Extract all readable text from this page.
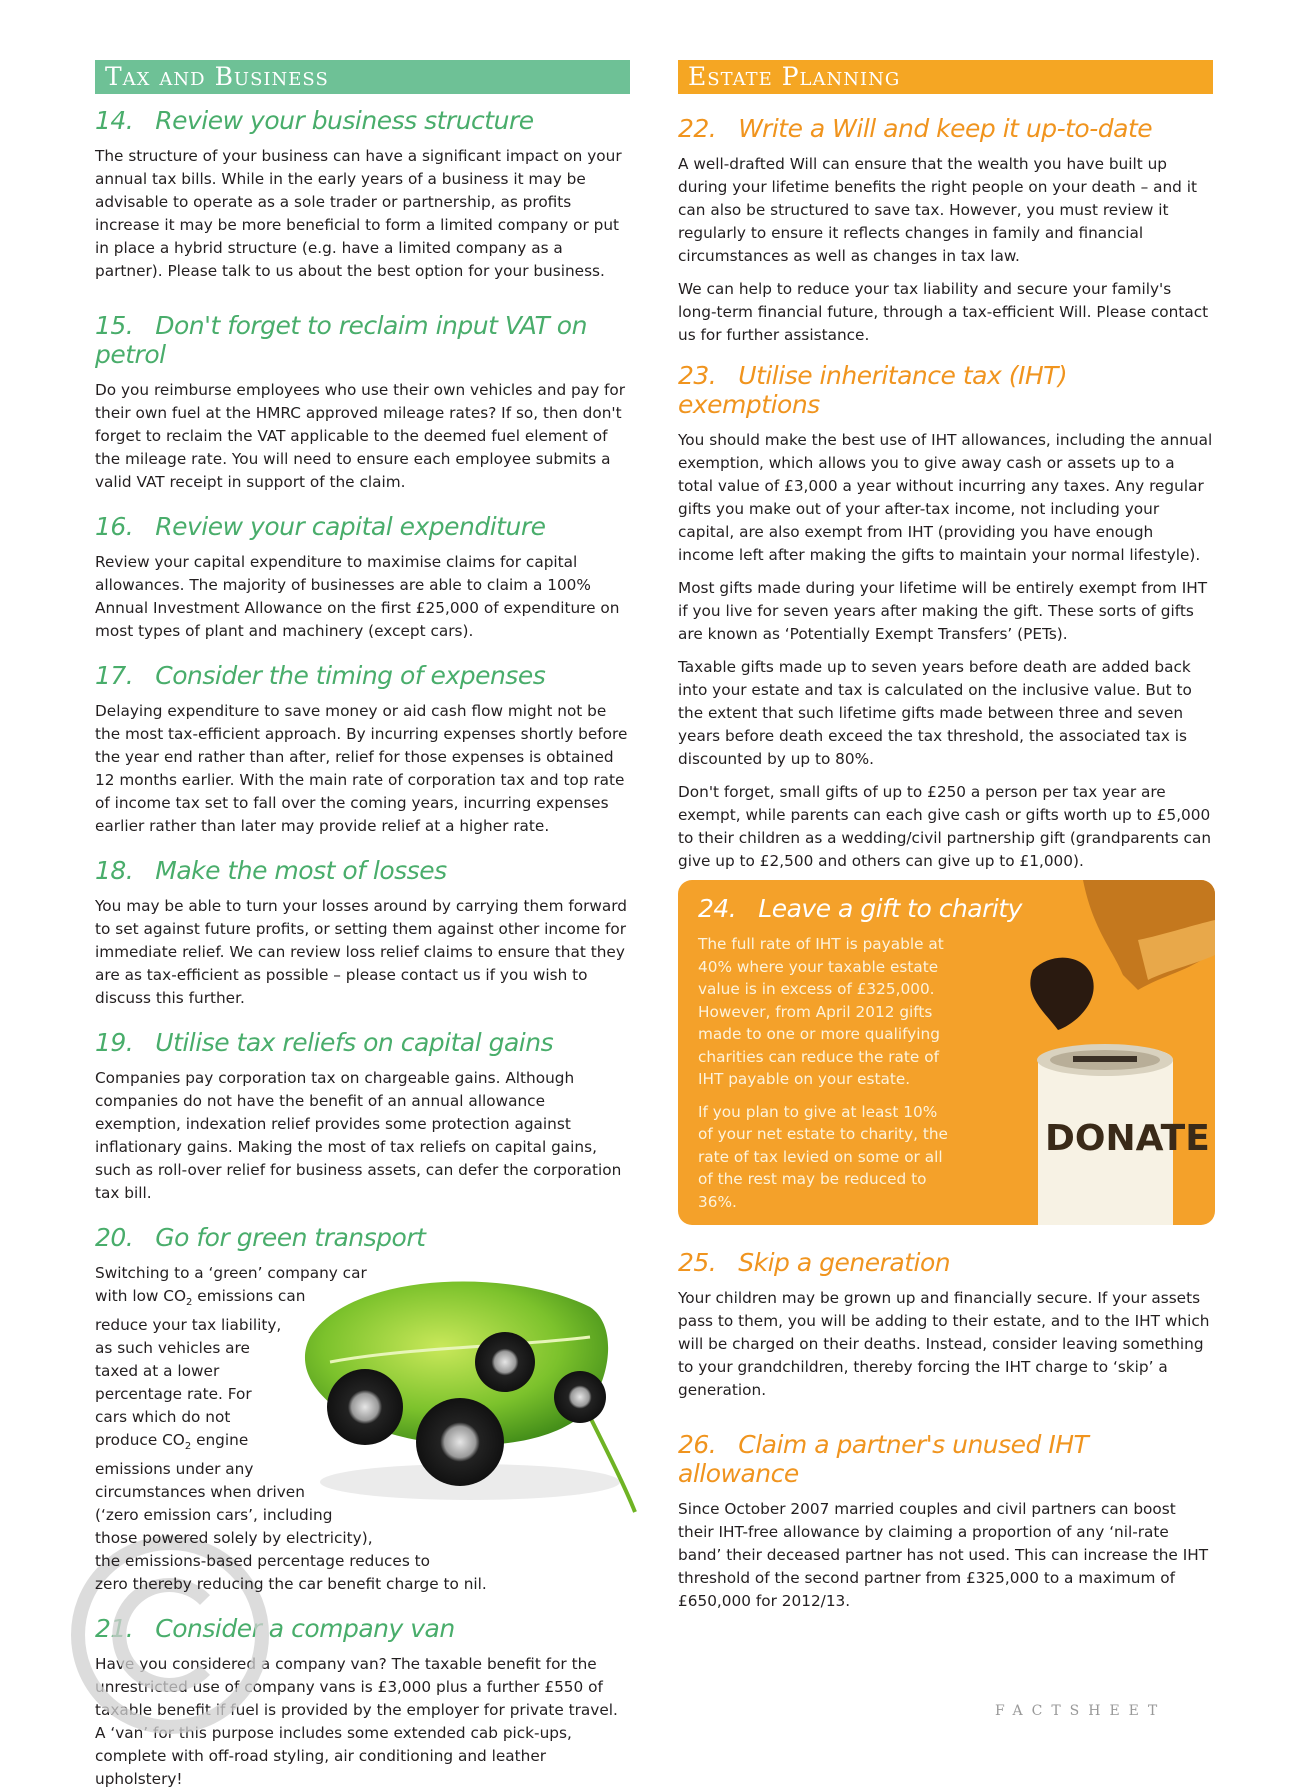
Tax and Business
14. Review your business structure

The structure of your business can have a significant impact on your annual tax bills. While in the early years of a business it may be advisable to operate as a sole trader or partnership, as profits increase it may be more beneficial to form a limited company or put in place a hybrid structure (e.g. have a limited company as a partner). Please talk to us about the best option for your business.

15. Don't forget to reclaim input VAT on petrol

Do you reimburse employees who use their own vehicles and pay for their own fuel at the HMRC approved mileage rates? If so, then don't forget to reclaim the VAT applicable to the deemed fuel element of the mileage rate. You will need to ensure each employee submits a valid VAT receipt in support of the claim.

16. Review your capital expenditure

Review your capital expenditure to maximise claims for capital allowances. The majority of businesses are able to claim a 100% Annual Investment Allowance on the first £25,000 of expenditure on most types of plant and machinery (except cars).

17. Consider the timing of expenses

Delaying expenditure to save money or aid cash flow might not be the most tax-efficient approach. By incurring expenses shortly before the year end rather than after, relief for those expenses is obtained 12 months earlier. With the main rate of corporation tax and top rate of income tax set to fall over the coming years, incurring expenses earlier rather than later may provide relief at a higher rate.

18. Make the most of losses

You may be able to turn your losses around by carrying them forward to set against future profits, or setting them against other income for immediate relief. We can review loss relief claims to ensure that they are as tax-efficient as possible – please contact us if you wish to discuss this further.

19. Utilise tax reliefs on capital gains

Companies pay corporation tax on chargeable gains. Although companies do not have the benefit of an annual allowance exemption, indexation relief provides some protection against inflationary gains. Making the most of tax reliefs on capital gains, such as roll-over relief for business assets, can defer the corporation tax bill.

20. Go for green transport

Switching to a ‘green’ company car
with low $CO_2$ emissions can
reduce your tax liability,
as such vehicles are
taxed at a lower
percentage rate. For
cars which do not
produce $CO_2$ engine
emissions under any
circumstances when driven
(‘zero emission cars’, including
those powered solely by electricity),
the emissions-based percentage reduces to
zero thereby reducing the car benefit charge to nil.

21. Consider a company van

Have you considered a company van? The taxable benefit for the unrestricted use of company vans is £3,000 plus a further £550 of taxable benefit if fuel is provided by the employer for private travel. A ‘van’ for this purpose includes some extended cab pick-ups, complete with off-road styling, air conditioning and leather upholstery!

Estate Planning
22. Write a Will and keep it up-to-date

A well-drafted Will can ensure that the wealth you have built up during your lifetime benefits the right people on your death – and it can also be structured to save tax. However, you must review it regularly to ensure it reflects changes in family and financial circumstances as well as changes in tax law.

We can help to reduce your tax liability and secure your family's long-term financial future, through a tax-efficient Will. Please contact us for further assistance.

23. Utilise inheritance tax (IHT) exemptions

You should make the best use of IHT allowances, including the annual exemption, which allows you to give away cash or assets up to a total value of £3,000 a year without incurring any taxes. Any regular gifts you make out of your after-tax income, not including your capital, are also exempt from IHT (providing you have enough income left after making the gifts to maintain your normal lifestyle).

Most gifts made during your lifetime will be entirely exempt from IHT if you live for seven years after making the gift. These sorts of gifts are known as ‘Potentially Exempt Transfers’ (PETs).

Taxable gifts made up to seven years before death are added back into your estate and tax is calculated on the inclusive value. But to the extent that such lifetime gifts made between three and seven years before death exceed the tax threshold, the associated tax is discounted by up to 80%.

Don't forget, small gifts of up to £250 a person per tax year are exempt, while parents can each give cash or gifts worth up to £5,000 to their children as a wedding/civil partnership gift (grandparents can give up to £2,500 and others can give up to £1,000).

24. Leave a gift to charity

The full rate of IHT is payable at 40% where your taxable estate value is in excess of £325,000. However, from April 2012 gifts made to one or more qualifying charities can reduce the rate of IHT payable on your estate.

If you plan to give at least 10% of your net estate to charity, the rate of tax levied on some or all of the rest may be reduced to 36%.

DONATE
25. Skip a generation

Your children may be grown up and financially secure. If your assets pass to them, you will be adding to their estate, and to the IHT which will be charged on their deaths. Instead, consider leaving something to your grandchildren, thereby forcing the IHT charge to ‘skip’ a generation.

26. Claim a partner's unused IHT allowance

Since October 2007 married couples and civil partners can boost their IHT-free allowance by claiming a proportion of any ‘nil-rate band’ their deceased partner has not used. This can increase the IHT threshold of the second partner from £325,000 to a maximum of £650,000 for 2012/13.

FACTSHEET
